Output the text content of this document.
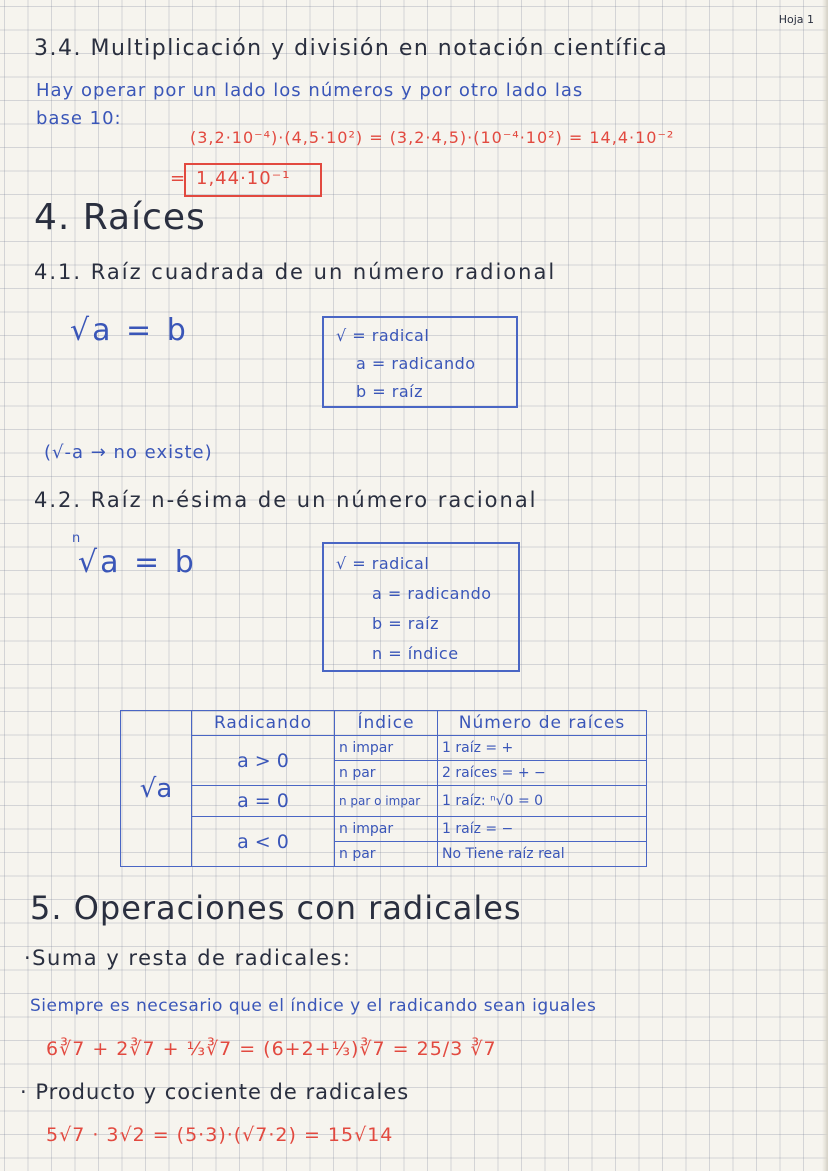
Hoja 1
3.4. Multiplicación y división en notación científica
Hay operar por un lado los números y por otro lado las
base 10:
(3,2·10⁻⁴)·(4,5·10²) = (3,2·4,5)·(10⁻⁴·10²) = 14,4·10⁻²
= 1,44·10⁻¹
4. Raíces
4.1. Raíz cuadrada de un número radional
√a = b	√ = radical
a = radicando
b = raíz
(√-a → no existe)
4.2. Raíz n-ésima de un número racional
n
√a = b	√ = radical
a = radicando
b = raíz
n = índice
√a	Radicando	Índice	Número de raíces
	a > 0	n impar	1 raíz = +
		n par	2 raíces = + −
	a = 0	n par o impar	1 raíz: ⁿ√0 = 0
	a < 0	n impar	1 raíz = −
		n par	No Tiene raíz real
5. Operaciones con radicales
·Suma y resta de radicales:
Siempre es necesario que el índice y el radicando sean iguales
6∛7 + 2∛7 + ⅓∛7 = (6+2+⅓)∛7 = 25/3 ∛7
· Producto y cociente de radicales
5√7 · 3√2 = (5·3)·(√7·2) = 15√14
